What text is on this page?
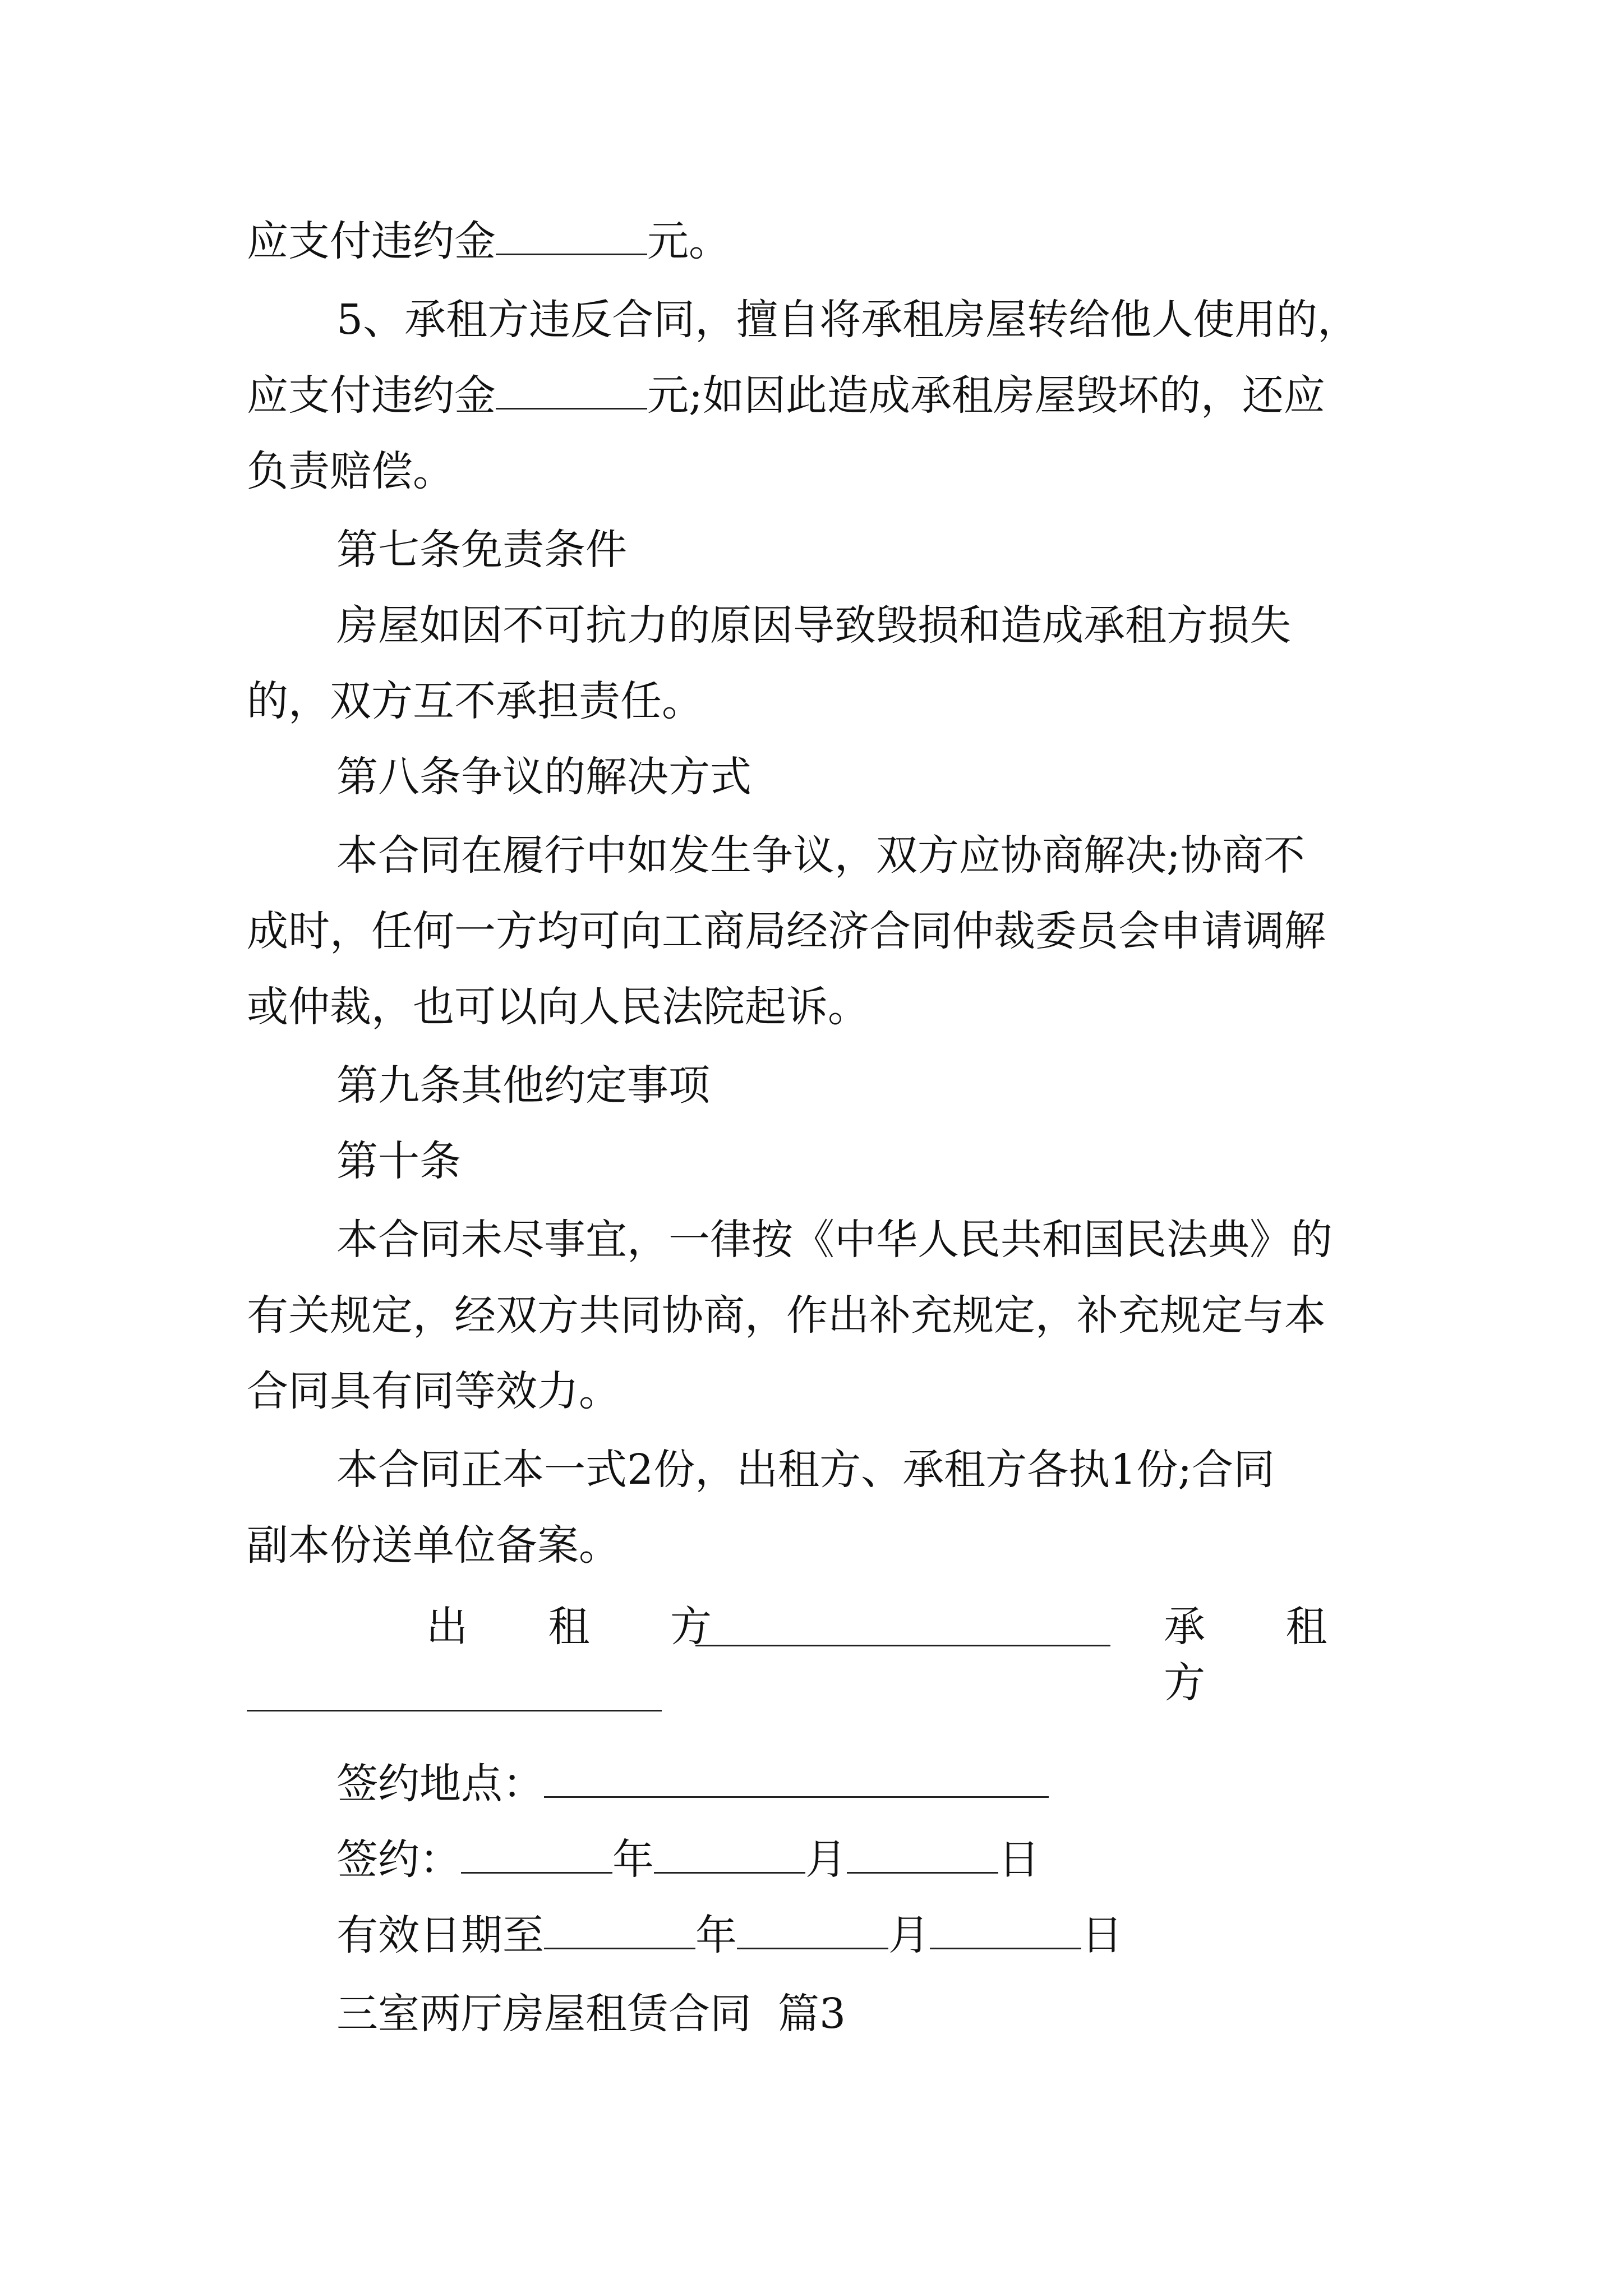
应支付违约金	元。
5、承租方违反合同，擅自将承租房屋转给他人使用的，
应支付违约金	元;如因此造成承租房屋毁坏的，还应
负责赔偿。
第七条免责条件
房屋如因不可抗力的原因导致毁损和造成承租方损失
的，双方互不承担责任。
第八条争议的解决方式
本合同在履行中如发生争议，双方应协商解决;协商不
成时，任何一方均可向工商局经济合同仲裁委员会申请调解
或仲裁，也可以向人民法院起诉。
第九条其他约定事项
第十条
本合同未尽事宜，一律按《中华人民共和国民法典》的
有关规定，经双方共同协商，作出补充规定，补充规定与本
合同具有同等效力。
本合同正本一式2份，出租方、承租方各执1份;合同
副本份送单位备案。
出 租 方	承 租 方
签约地点：
签约：	年	月	日
有效日期至	年	月	日
三室两厅房屋租赁合同  篇3
